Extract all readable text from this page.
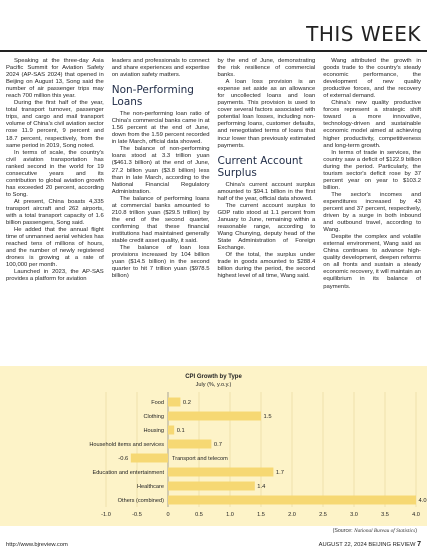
THIS WEEK

Speaking at the three-day Asia Pacific Summit for Aviation Safety 2024 (AP-SAS 2024) that opened in Beijing on August 13, Song said the number of air passenger trips may reach 700 million this year.

During the first half of the year, total transport turnover, passenger trips, and cargo and mail transport volume of China's civil aviation sector rose 11.9 percent, 9 percent and 18.7 percent, respectively, from the same period in 2019, Song noted.

In terms of scale, the country's civil aviation transportation has ranked second in the world for 19 consecutive years and its contribution to global aviation growth has exceeded 20 percent, according to Song.

At present, China boasts 4,335 transport aircraft and 262 airports, with a total transport capacity of 1.6 billion passengers, Song said.

He added that the annual flight time of unmanned aerial vehicles has reached tens of millions of hours, and the number of newly registered drones is growing at a rate of 100,000 per month.

Launched in 2023, the AP-SAS provides a platform for aviation

leaders and professionals to connect and share experiences and expertise on aviation safety matters.

Non-Performing Loans

The non-performing loan ratio of China's commercial banks came in at 1.56 percent at the end of June, down from the 1.59 percent recorded in late March, official data showed.

The balance of non-performing loans stood at 3.3 trillion yuan ($461.3 billion) at the end of June, 27.2 billion yuan ($3.8 billion) less than in late March, according to the National Financial Regulatory Administration.

The balance of performing loans at commercial banks amounted to 210.8 trillion yuan ($29.5 trillion) by the end of the second quarter, confirming that these financial institutions had maintained generally stable credit asset quality, it said.

The balance of loan loss provisions increased by 104 billion yuan ($14.5 billion) in the second quarter to hit 7 trillion yuan ($978.5 billion)

by the end of June, demonstrating the risk resilience of commercial banks.

A loan loss provision is an expense set aside as an allowance for uncollected loans and loan payments. This provision is used to cover several factors associated with potential loan losses, including non-performing loans, customer defaults, and renegotiated terms of loans that incur lower than previously estimated payments.

Current Account Surplus

China's current account surplus amounted to $94.1 billion in the first half of the year, official data showed.

The current account surplus to GDP ratio stood at 1.1 percent from January to June, remaining within a reasonable range, according to Wang Chunying, deputy head of the State Administration of Foreign Exchange.

Of the total, the surplus under trade in goods amounted to $288.4 billion during the period, the second highest level of all time, Wang said.

Wang attributed the growth in goods trade to the country's steady economic performance, the development of new quality productive forces, and the recovery of external demand.

China's new quality productive forces represent a strategic shift toward a more innovative, technology-driven and sustainable economic model aimed at achieving higher productivity, competitiveness and long-term growth.

In terms of trade in services, the country saw a deficit of $122.9 billion during the period. Particularly, the tourism sector's deficit rose by 37 percent year on year to $103.2 billion.

The sector's incomes and expenditures increased by 43 percent and 37 percent, respectively, driven by a surge in both inbound and outbound travel, according to Wang.

Despite the complex and volatile external environment, Wang said as China continues to advance high-quality development, deepen reforms on all fronts and sustain a steady economic recovery, it will maintain an equilibrium in its balance of payments.

CPI Growth by Type
July (%, y.o.y.)
-1.0	-0.5	0	0.5	1.0	1.5	2.0	2.5	3.0	3.5	4.0
0.2
Food
1.5
Clothing
0.1
Housing
0.7
Household items and services
-0.6	Transport and telecom
1.7
Education and entertainment
1.4
Healthcare
4.0
Others (combined)
(Source: National Bureau of Statistics)
http://www.bjreview.com	AUGUST 22, 2024 BEIJING REVIEW 7
